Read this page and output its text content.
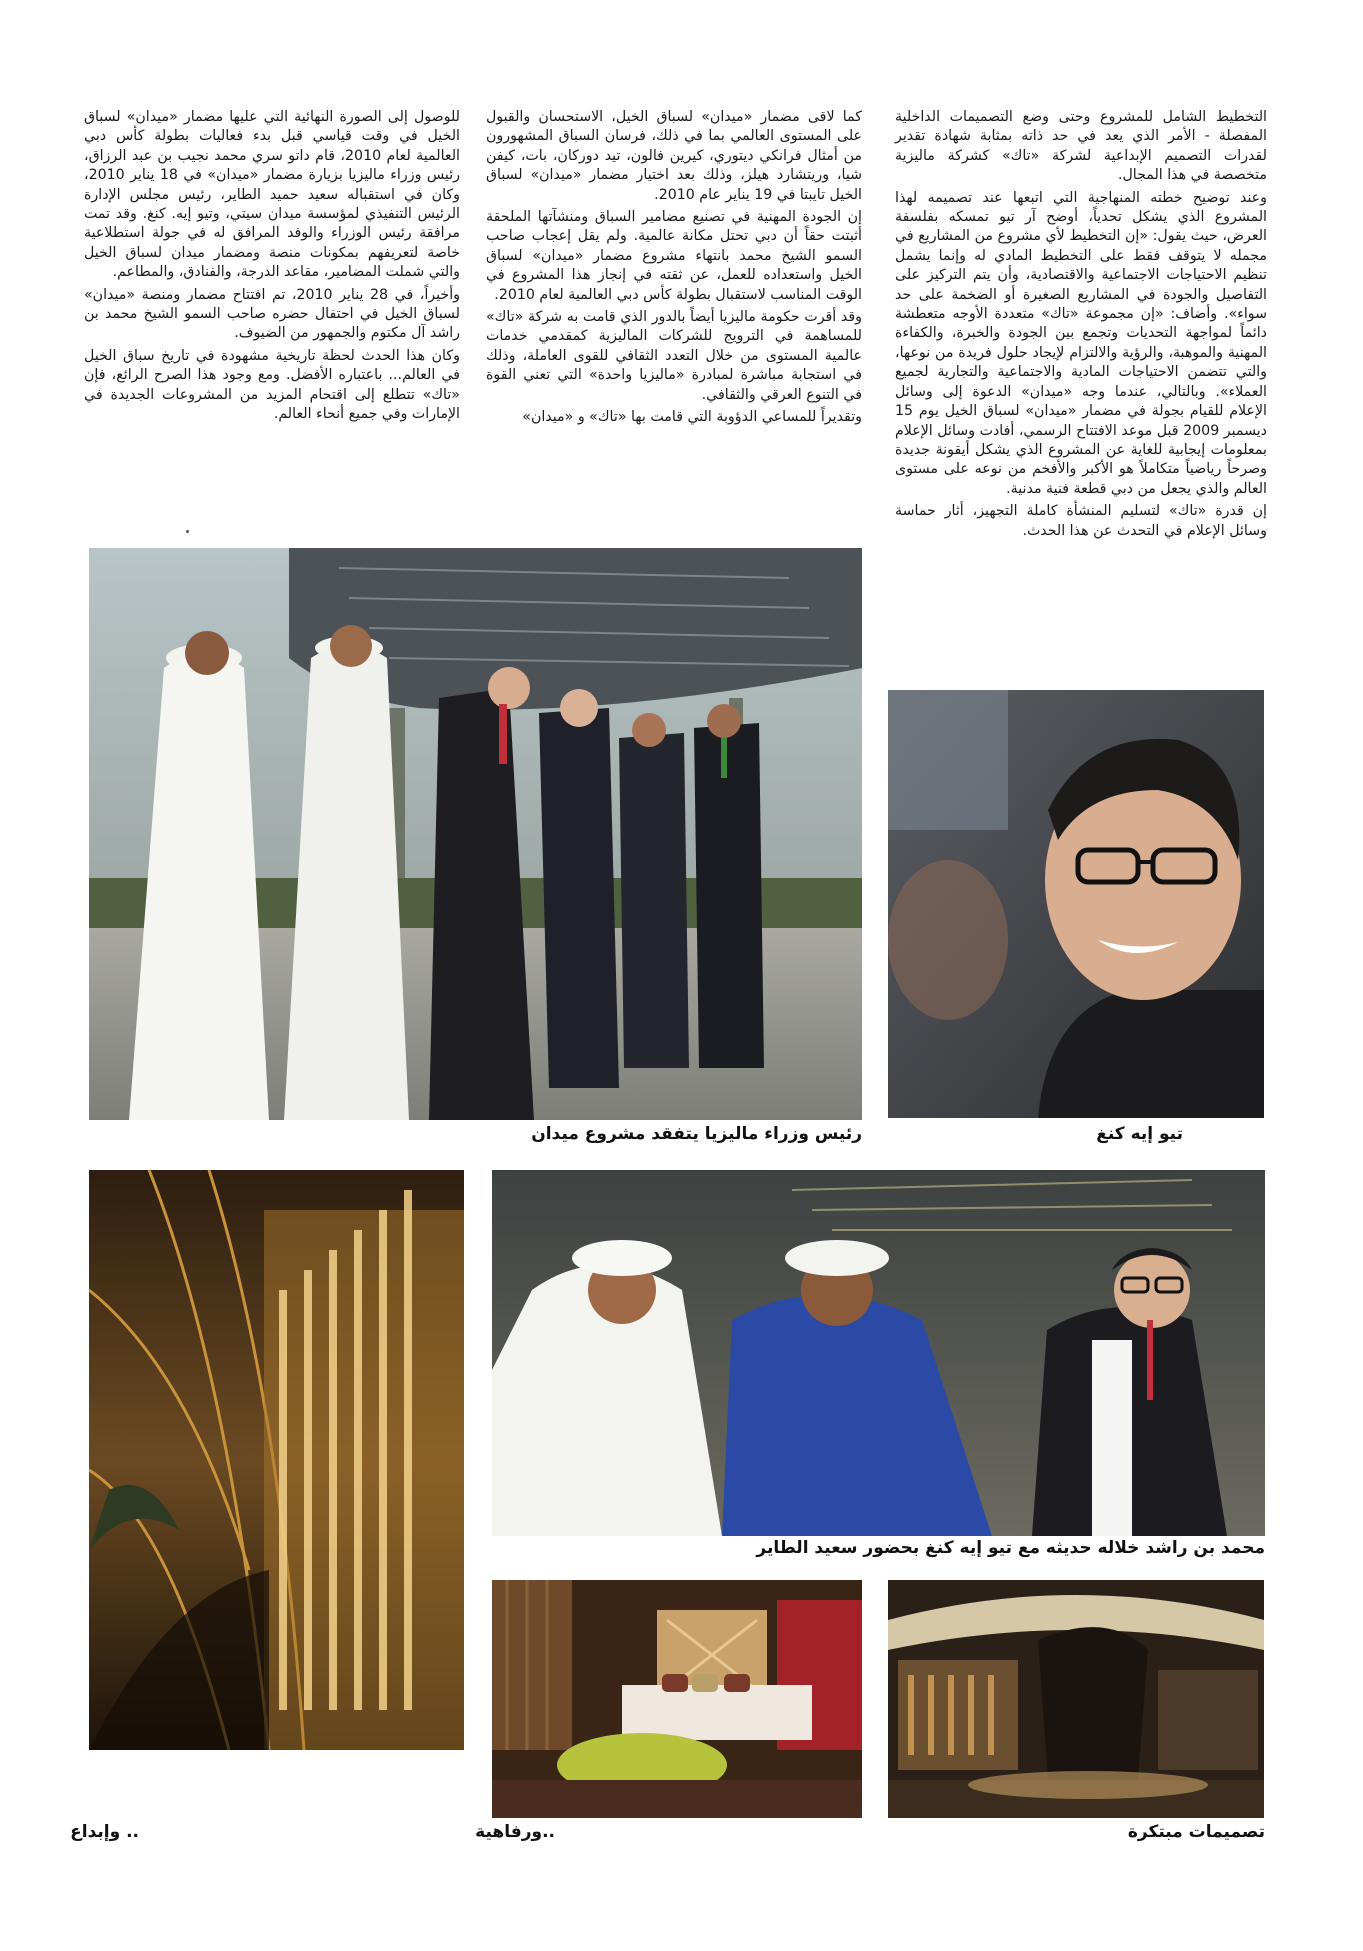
التخطيط الشامل للمشروع وحتى وضع التصميمات الداخلية المفصلة - الأمر الذي يعد في حد ذاته بمثابة شهادة تقدير لقدرات التصميم الإبداعية لشركة «تاك» كشركة ماليزية متخصصة في هذا المجال.

وعند توضيح خطته المنهاجية التي اتبعها عند تصميمه لهذا المشروع الذي يشكل تحدياً، أوضح آر تيو تمسكه بفلسفة العرض، حيث يقول: «إن التخطيط لأي مشروع من المشاريع في مجمله لا يتوقف فقط على التخطيط المادي له وإنما يشمل تنظيم الاحتياجات الاجتماعية والاقتصادية، وأن يتم التركيز على التفاصيل والجودة في المشاريع الصغيرة أو الضخمة على حد سواء». وأضاف: «إن مجموعة «تاك» متعددة الأوجه متعطشة دائماً لمواجهة التحديات وتجمع بين الجودة والخبرة، والكفاءة المهنية والموهبة، والرؤية والالتزام لإيجاد حلول فريدة من نوعها، والتي تتضمن الاحتياجات المادية والاجتماعية والتجارية لجميع العملاء». وبالتالي، عندما وجه «ميدان» الدعوة إلى وسائل الإعلام للقيام بجولة في مضمار «ميدان» لسباق الخيل يوم 15 ديسمبر 2009 قبل موعد الافتتاح الرسمي، أفادت وسائل الإعلام بمعلومات إيجابية للغاية عن المشروع الذي يشكل أيقونة جديدة وصرحاً رياضياً متكاملاً هو الأكبر والأفخم من نوعه على مستوى العالم والذي يجعل من دبي قطعة فنية مدنية.

إن قدرة «تاك» لتسليم المنشأة كاملة التجهيز، أثار حماسة وسائل الإعلام في التحدث عن هذا الحدث.

كما لاقى مضمار «ميدان» لسباق الخيل، الاستحسان والقبول على المستوى العالمي بما في ذلك، فرسان السباق المشهورون من أمثال فرانكي ديتوري، كيرين فالون، تيد دوركان، بات، كيفن شيا، وريتشارد هيلز، وذلك بعد اختيار مضمار «ميدان» لسباق الخيل تايبتا في 19 يناير عام 2010.

إن الجودة المهنية في تصنيع مضامير السباق ومنشآتها الملحقة أثبتت حقاً أن دبي تحتل مكانة عالمية. ولم يقل إعجاب صاحب السمو الشيخ محمد بانتهاء مشروع مضمار «ميدان» لسباق الخيل واستعداده للعمل، عن ثقته في إنجاز هذا المشروع في الوقت المناسب لاستقبال بطولة كأس دبي العالمية لعام 2010.

وقد أقرت حكومة ماليزيا أيضاً بالدور الذي قامت به شركة «تاك» للمساهمة في الترويج للشركات الماليزية كمقدمي خدمات عالمية المستوى من خلال التعدد الثقافي للقوى العاملة، وذلك في استجابة مباشرة لمبادرة «ماليزيا واحدة» التي تعني القوة في التنوع العرقي والثقافي.

وتقديراً للمساعي الدؤوبة التي قامت بها «تاك» و «ميدان»

للوصول إلى الصورة النهائية التي عليها مضمار «ميدان» لسباق الخيل في وقت قياسي قبل بدء فعاليات بطولة كأس دبي العالمية لعام 2010، قام داتو سري محمد نجيب بن عبد الرزاق، رئيس وزراء ماليزيا بزيارة مضمار «ميدان» في 18 يناير 2010، وكان في استقباله سعيد حميد الطاير، رئيس مجلس الإدارة الرئيس التنفيذي لمؤسسة ميدان سيتي، وتيو إيه. كنغ. وقد تمت مرافقة رئيس الوزراء والوفد المرافق له في جولة استطلاعية خاصة لتعريفهم بمكونات منصة ومضمار ميدان لسباق الخيل والتي شملت المضامير، مقاعد الدرجة، والفنادق، والمطاعم.

وأخيراً، في 28 يناير 2010، تم افتتاح مضمار ومنصة «ميدان» لسباق الخيل في احتفال حضره صاحب السمو الشيخ محمد بن راشد آل مكتوم والجمهور من الضيوف.

وكان هذا الحدث لحظة تاريخية مشهودة في تاريخ سباق الخيل في العالم... باعتباره الأفضل. ومع وجود هذا الصرح الرائع، فإن «تاك» تتطلع إلى اقتحام المزيد من المشروعات الجديدة في الإمارات وفي جميع أنحاء العالم.

رئيس وزراء ماليزيا يتفقد مشروع ميدان	تيو إيه كنغ
محمد بن راشد خلاله حديثه مع تيو إيه كنغ بحضور سعيد الطاير
تصميمات مبتكرة
..ورفاهية
.. وإبداع
